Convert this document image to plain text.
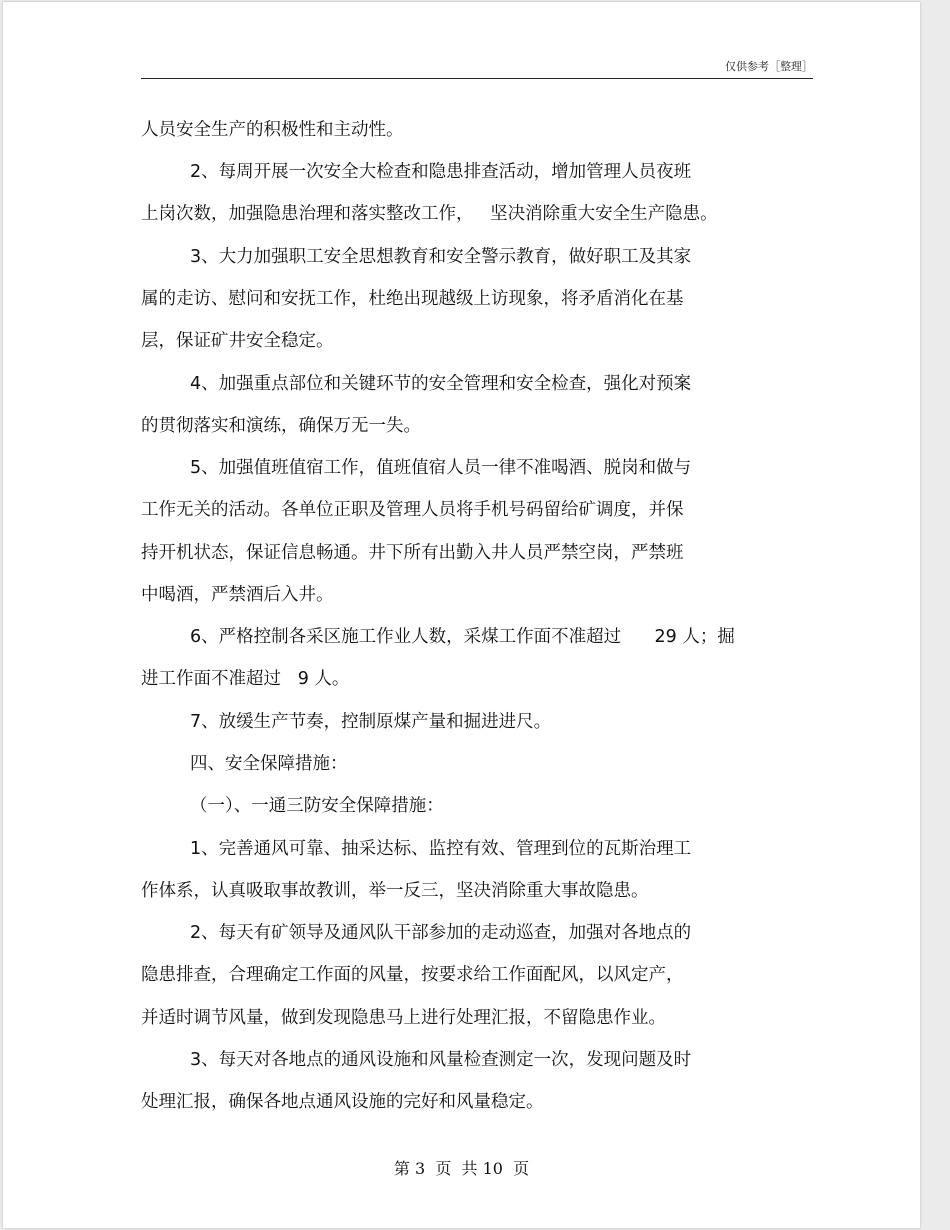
仅供参考［整理］

人员安全生产的积极性和主动性。

2、每周开展一次安全大检查和隐患排查活动，增加管理人员夜班

上岗次数，加强隐患治理和落实整改工作，   坚决消除重大安全生产隐患。

3、大力加强职工安全思想教育和安全警示教育，做好职工及其家

属的走访、慰问和安抚工作，杜绝出现越级上访现象，将矛盾消化在基

层，保证矿井安全稳定。

4、加强重点部位和关键环节的安全管理和安全检查，强化对预案

的贯彻落实和演练，确保万无一失。

5、加强值班值宿工作，值班值宿人员一律不准喝酒、脱岗和做与

工作无关的活动。各单位正职及管理人员将手机号码留给矿调度，并保

持开机状态，保证信息畅通。井下所有出勤入井人员严禁空岗，严禁班

中喝酒，严禁酒后入井。

6、严格控制各采区施工作业人数，采煤工作面不准超过      29 人；掘

进工作面不准超过   9 人。

7、放缓生产节奏，控制原煤产量和掘进进尺。

四、安全保障措施：

（一）、一通三防安全保障措施：

1、完善通风可靠、抽采达标、监控有效、管理到位的瓦斯治理工

作体系，认真吸取事故教训，举一反三，坚决消除重大事故隐患。

2、每天有矿领导及通风队干部参加的走动巡查，加强对各地点的

隐患排查，合理确定工作面的风量，按要求给工作面配风，以风定产，

并适时调节风量，做到发现隐患马上进行处理汇报，不留隐患作业。

3、每天对各地点的通风设施和风量检查测定一次，发现问题及时

处理汇报，确保各地点通风设施的完好和风量稳定。

第 3  页  共 10  页
